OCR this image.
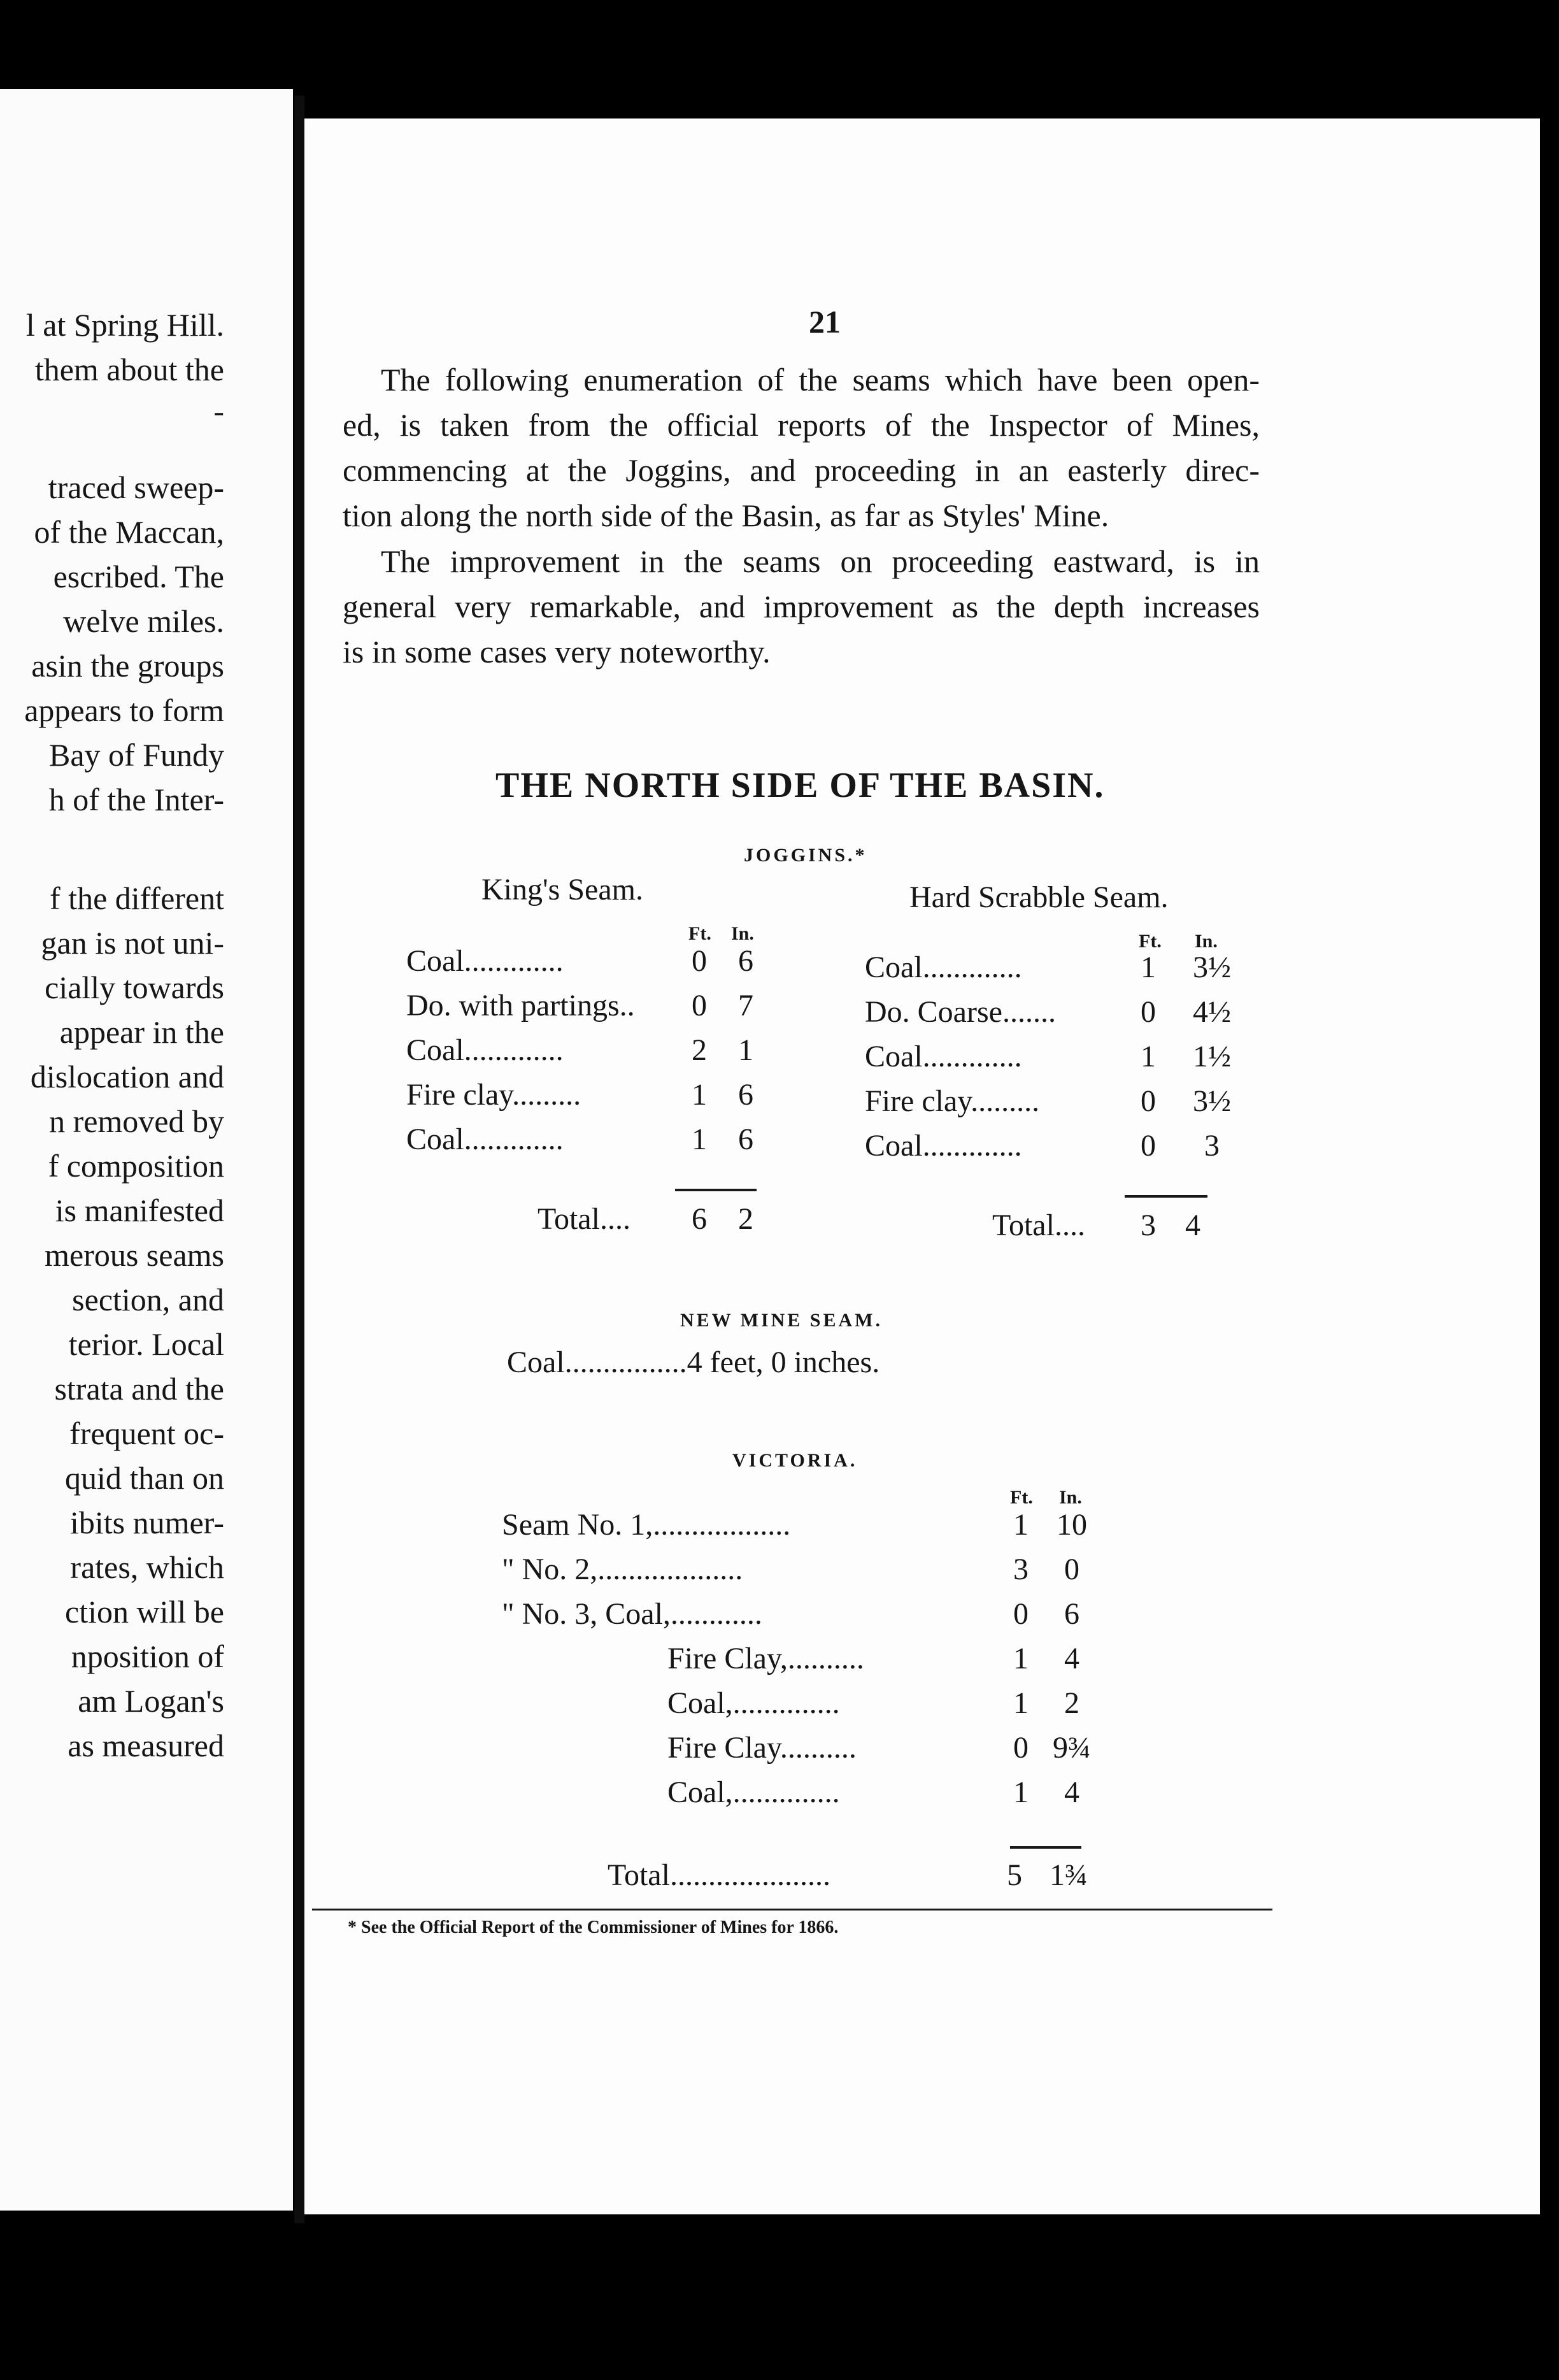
l at Spring Hill.
them about the
-
traced sweep-
of the Maccan,
escribed. The
welve miles.
asin the groups
appears to form
Bay of Fundy
h of the Inter-
f the different
gan is not uni-
cially towards
appear in the
dislocation and
n removed by
f composition
is manifested
merous seams
section, and
terior. Local
strata and the
frequent oc-
quid than on
ibits numer-
rates, which
ction will be
nposition of
am Logan's
as measured
21
The following enumeration of the seams which have been open-
ed, is taken from the official reports of the Inspector of Mines,
commencing at the Joggins, and proceeding in an easterly direc-
tion along the north side of the Basin, as far as Styles' Mine.
The improvement in the seams on proceeding eastward, is in
general very remarkable, and improvement as the depth increases
is in some cases very noteworthy.
THE NORTH SIDE OF THE BASIN.
JOGGINS.*
King's Seam.
Ft. In.
Coal.............	0 6
Do. with partings.. 0 7
Coal.............	2 1
Fire clay.........	1 6
Coal.............	1 6
Total.... 6 2
Hard Scrabble Seam.
Ft. In.
Coal.............	1 3½
Do. Coarse.......	0 4½
Coal.............	1 1½
Fire clay.........	0 3½
Coal.............	0	3
Total.... 3 4
NEW MINE SEAM.
Coal................4 feet, 0 inches.
VICTORIA.
Ft. In.
Seam No. 1,..................	1 10
" No. 2,...................	3	0
" No. 3, Coal,............	0	6
Fire Clay,..........	1	4
Coal,..............	1	2
Fire Clay..........	0 9¾
Coal,..............	1	4
Total.....................	5 1¾
* See the Official Report of the Commissioner of Mines for 1866.
